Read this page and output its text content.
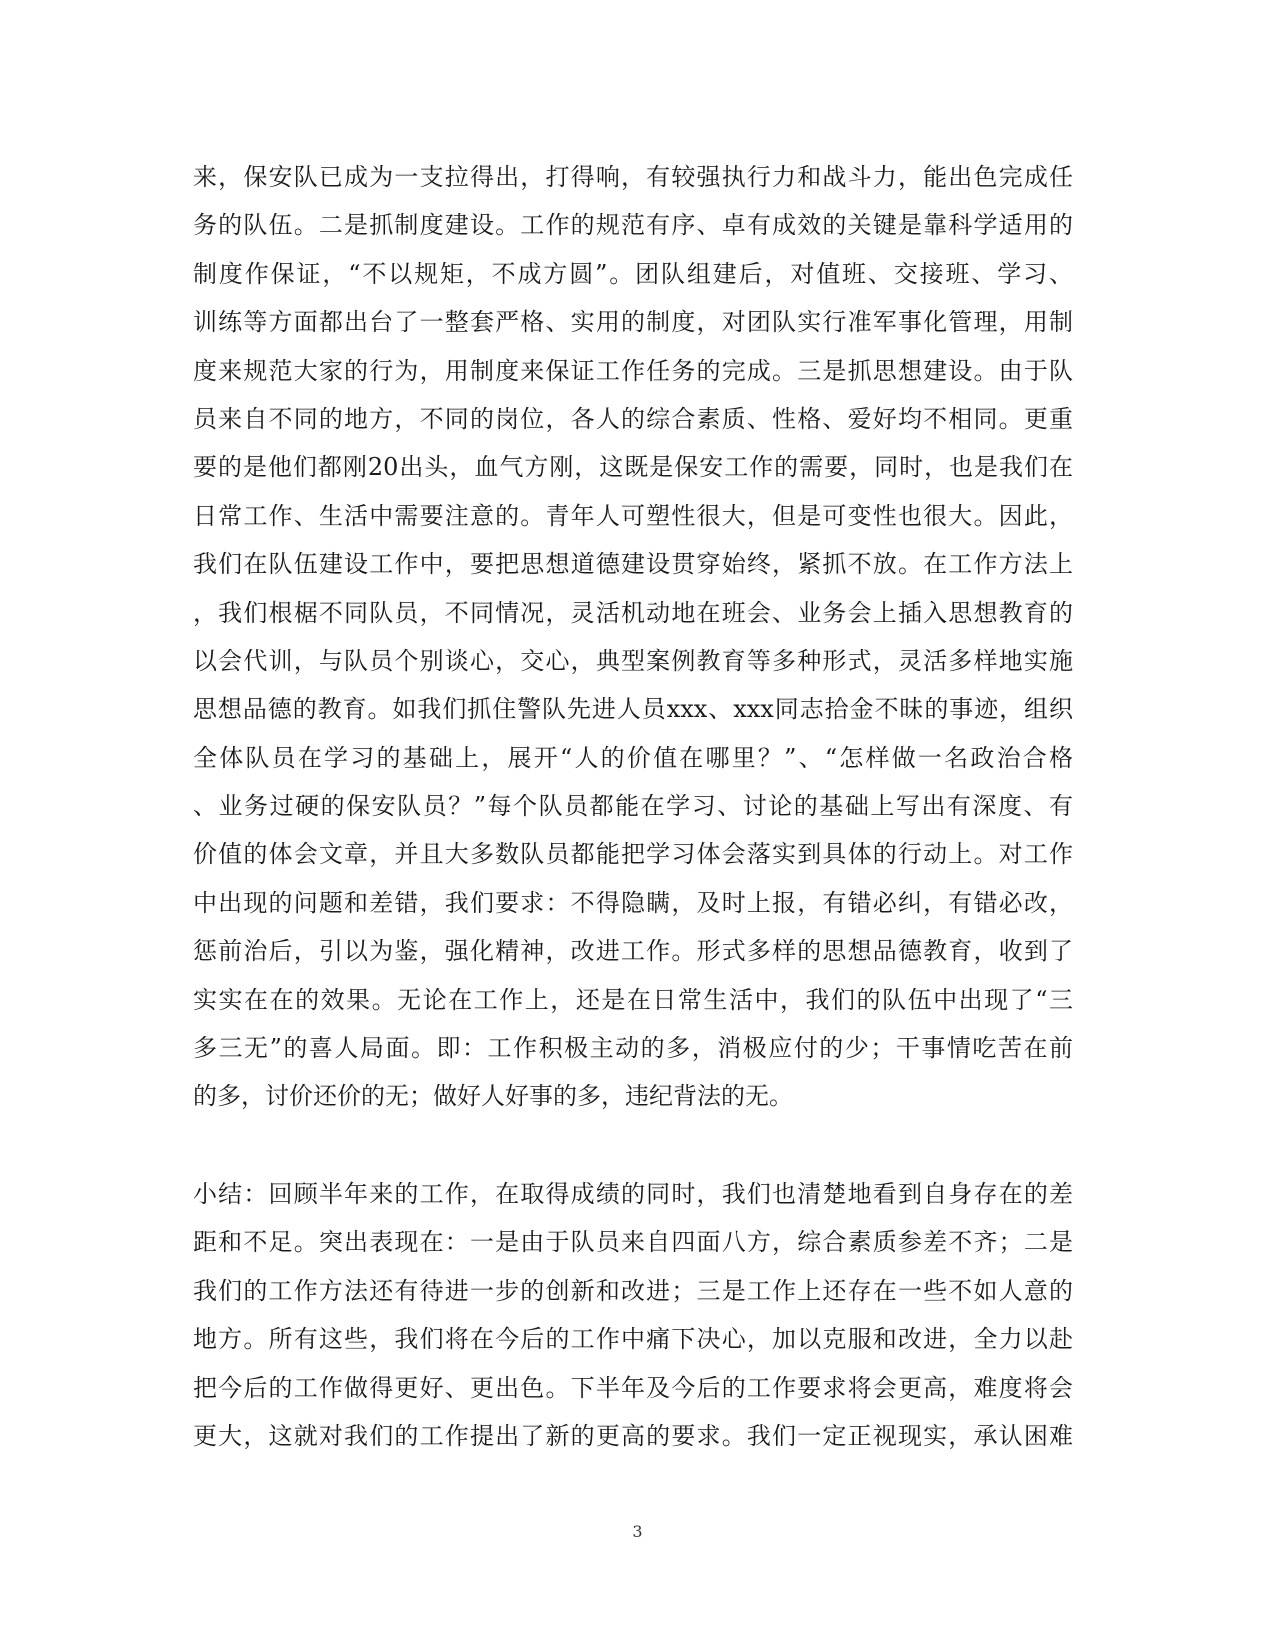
来，保安队已成为一支拉得出，打得响，有较强执行力和战斗力，能出色完成任
务的队伍。二是抓制度建设。工作的规范有序、卓有成效的关键是靠科学适用的
制度作保证，“不以规矩，不成方圆”。团队组建后，对值班、交接班、学习、
训练等方面都出台了一整套严格、实用的制度，对团队实行准军事化管理，用制
度来规范大家的行为，用制度来保证工作任务的完成。三是抓思想建设。由于队
员来自不同的地方，不同的岗位，各人的综合素质、性格、爱好均不相同。更重
要的是他们都刚20出头，血气方刚，这既是保安工作的需要，同时，也是我们在
日常工作、生活中需要注意的。青年人可塑性很大，但是可变性也很大。因此，
我们在队伍建设工作中，要把思想道德建设贯穿始终，紧抓不放。在工作方法上
，我们根椐不同队员，不同情况，灵活机动地在班会、业务会上插入思想教育的
以会代训，与队员个别谈心，交心，典型案例教育等多种形式，灵活多样地实施
思想品德的教育。如我们抓住警队先进人员xxx、xxx同志拾金不昧的事迹，组织
全体队员在学习的基础上，展开“人的价值在哪里？”、“怎样做一名政治合格
、业务过硬的保安队员？”每个队员都能在学习、讨论的基础上写出有深度、有
价值的体会文章，并且大多数队员都能把学习体会落实到具体的行动上。对工作
中出现的问题和差错，我们要求：不得隐瞒，及时上报，有错必纠，有错必改，
惩前治后，引以为鉴，强化精神，改进工作。形式多样的思想品德教育，收到了
实实在在的效果。无论在工作上，还是在日常生活中，我们的队伍中出现了“三
多三无”的喜人局面。即：工作积极主动的多，消极应付的少；干事情吃苦在前
的多，讨价还价的无；做好人好事的多，违纪背法的无。
小结：回顾半年来的工作，在取得成绩的同时，我们也清楚地看到自身存在的差
距和不足。突出表现在：一是由于队员来自四面八方，综合素质参差不齐；二是
我们的工作方法还有待进一步的创新和改进；三是工作上还存在一些不如人意的
地方。所有这些，我们将在今后的工作中痛下决心，加以克服和改进，全力以赴
把今后的工作做得更好、更出色。下半年及今后的工作要求将会更高，难度将会
更大，这就对我们的工作提出了新的更高的要求。我们一定正视现实，承认困难
3
